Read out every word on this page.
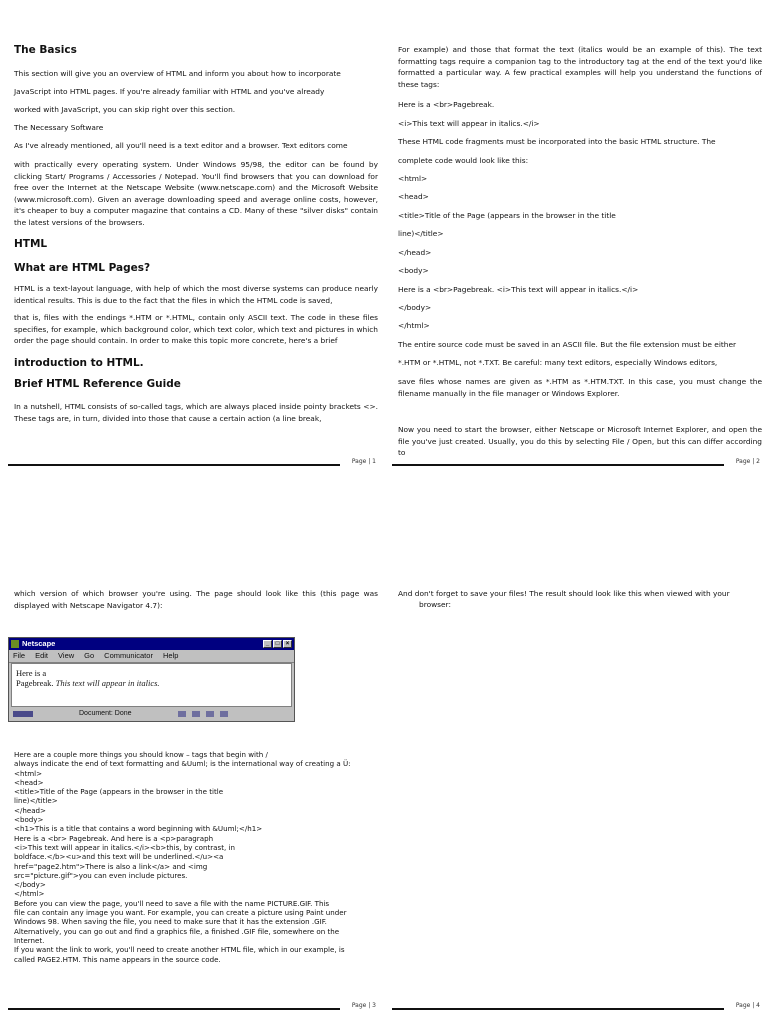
The Basics

This section will give you an overview of HTML and inform you about how to incorporate

JavaScript into HTML pages. If you're already familiar with HTML and you've already

worked with JavaScript, you can skip right over this section.

The Necessary Software

As I've already mentioned, all you'll need is a text editor and a browser. Text editors come

with practically every operating system. Under Windows 95/98, the editor can be found by clicking Start/ Programs / Accessories / Notepad. You'll find browsers that you can download for free over the Internet at the Netscape Website (www.netscape.com) and the Microsoft Website (www.microsoft.com). Given an average downloading speed and average online costs, however, it's cheaper to buy a computer magazine that contains a CD. Many of these "silver disks" contain the latest versions of the browsers.

HTML

What are HTML Pages?

HTML is a text-layout language, with help of which the most diverse systems can produce nearly identical results. This is due to the fact that the files in which the HTML code is saved,

that is, files with the endings *.HTM or *.HTML, contain only ASCII text. The code in these files specifies, for example, which background color, which text color, which text and pictures in which order the page should contain. In order to make this topic more concrete, here's a brief

introduction to HTML.

Brief HTML Reference Guide

In a nutshell, HTML consists of so-called tags, which are always placed inside pointy brackets <>. These tags are, in turn, divided into those that cause a certain action (a line break,

Page | 1

For example) and those that format the text (italics would be an example of this). The text formatting tags require a companion tag to the introductory tag at the end of the text you'd like formatted a particular way. A few practical examples will help you understand the functions of these tags:

Here is a <br>Pagebreak.

<i>This text will appear in italics.</i>

These HTML code fragments must be incorporated into the basic HTML structure. The

complete code would look like this:

<html>

<head>

<title>Title of the Page (appears in the browser in the title

line)</title>

</head>

<body>

Here is a <br>Pagebreak. <i>This text will appear in italics.</i>

</body>

</html>

The entire source code must be saved in an ASCII file. But the file extension must be either

*.HTM or *.HTML, not *.TXT. Be careful: many text editors, especially Windows editors,

save files whose names are given as *.HTM as *.HTM.TXT. In this case, you must change the filename manually in the file manager or Windows Explorer.

Now you need to start the browser, either Netscape or Microsoft Internet Explorer, and open the file you've just created. Usually, you do this by selecting File / Open, but this can differ according to

Page | 2

which version of which browser you're using. The page should look like this (this page was displayed with Netscape Navigator 4.7):

Netscape	_	□	×
File Edit View Go Communicator Help
Here is a
Pagebreak. This text will appear in italics.
Document: Done

Here are a couple more things you should know – tags that begin with /
always indicate the end of text formatting and &Uuml; is the international way of creating a Ü:
<html>
<head>
<title>Title of the Page (appears in the browser in the title
line)</title>
</head>
<body>
<h1>This is a title that contains a word beginning with &Uuml;</h1>
Here is a <br> Pagebreak. And here is a <p>paragraph
<i>This text will appear in italics.</i><b>this, by contrast, in
boldface.</b><u>and this text will be underlined.</u><a
href="page2.htm">There is also a link</a> and <img
src="picture.gif">you can even include pictures.
</body>
</html>
Before you can view the page, you'll need to save a file with the name PICTURE.GIF. This
file can contain any image you want. For example, you can create a picture using Paint under
Windows 98. When saving the file, you need to make sure that it has the extension .GIF.
Alternatively, you can go out and find a graphics file, a finished .GIF file, somewhere on the
Internet.
If you want the link to work, you'll need to create another HTML file, which in our example, is
called PAGE2.HTM. This name appears in the source code.

Page | 3

And don't forget to save your files! The result should look like this when viewed with your

browser:

Page | 4
